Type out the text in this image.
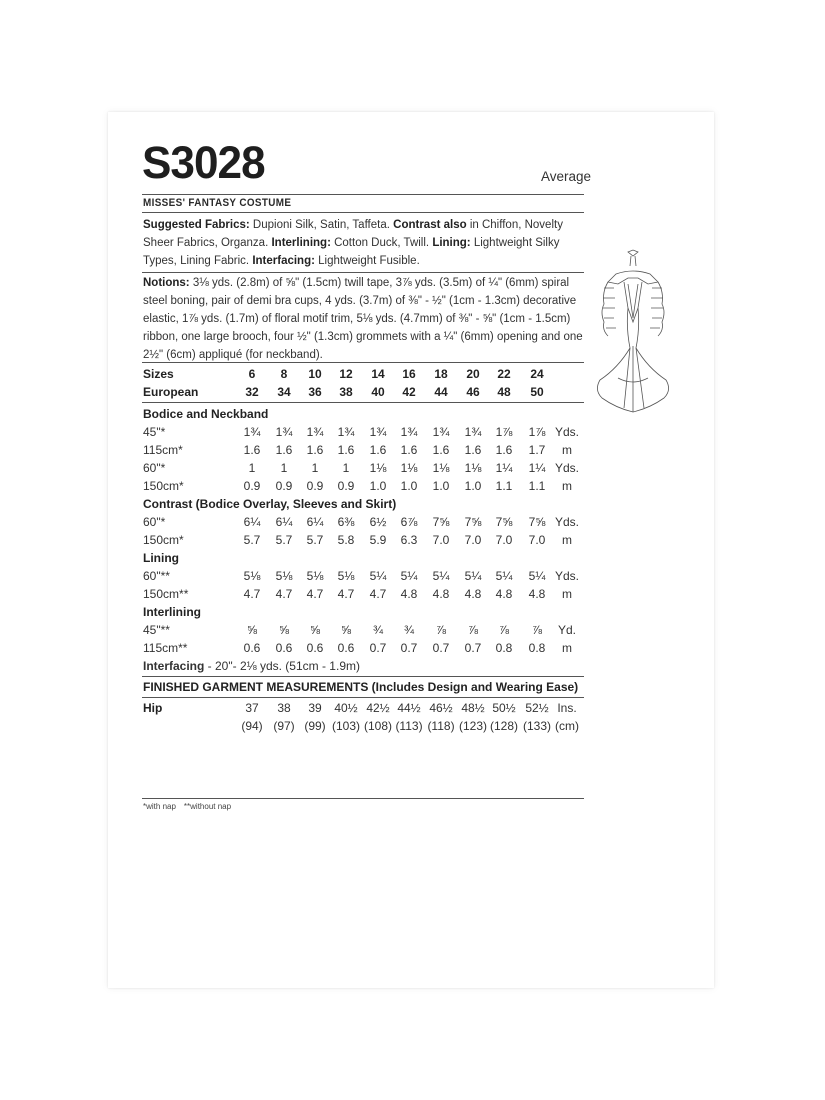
S3028	Average
MISSES' FANTASY COSTUME
Suggested Fabrics: Dupioni Silk, Satin, Taffeta. Contrast also in Chiffon, Novelty Sheer Fabrics, Organza. Interlining: Cotton Duck, Twill. Lining: Lightweight Silky Types, Lining Fabric. Interfacing: Lightweight Fusible.
Notions: 3⅛ yds. (2.8m) of ⅝" (1.5cm) twill tape, 3⅞ yds. (3.5m) of ¼" (6mm) spiral steel boning, pair of demi bra cups, 4 yds. (3.7m) of ⅜" - ½" (1cm - 1.3cm) decorative elastic, 1⅞ yds. (1.7m) of floral motif trim, 5⅛ yds. (4.7mm) of ⅜" - ⅝" (1cm - 1.5cm) ribbon, one large brooch, four ½" (1.3cm) grommets with a ¼" (6mm) opening and one 2½" (6cm) appliqué (for neckband).
Sizes	6	8	10	12	14	16	18	20	22	24
European	32	34	36	38	40	42	44	46	48	50
Bodice and Neckband
45"*	1¾	1¾	1¾	1¾	1¾	1¾	1¾	1¾	1⅞	1⅞ Yds.
115cm*	1.6	1.6	1.6	1.6	1.6	1.6	1.6	1.6	1.6	1.7	m
60"*	1	1	1	1	1⅛	1⅛	1⅛	1⅛	1¼	1¼ Yds.
150cm*	0.9	0.9	0.9	0.9	1.0	1.0	1.0	1.0	1.1	1.1	m
Contrast (Bodice Overlay, Sleeves and Skirt)
60"*	6¼	6¼	6¼	6⅜	6½	6⅞	7⅝	7⅝	7⅝	7⅝ Yds.
150cm*	5.7	5.7	5.7	5.8	5.9	6.3	7.0	7.0	7.0	7.0	m
Lining
60"**	5⅛	5⅛	5⅛	5⅛	5¼	5¼	5¼	5¼	5¼	5¼ Yds.
150cm**	4.7	4.7	4.7	4.7	4.7	4.8	4.8	4.8	4.8	4.8	m
Interlining
45"**	⅝	⅝	⅝	⅝	¾	¾	⅞	⅞	⅞	⅞	Yd.
115cm**	0.6	0.6	0.6	0.6	0.7	0.7	0.7	0.7	0.8	0.8	m
Interfacing - 20"- 2⅛ yds. (51cm - 1.9m)
FINISHED GARMENT MEASUREMENTS (Includes Design and Wearing Ease)
Hip	37	38	39	40½ 42½ 44½ 46½ 48½ 50½ 52½ Ins.
(94) (97) (99) (103) (108) (113) (118) (123) (128) (133) (cm)
*with nap **without nap
